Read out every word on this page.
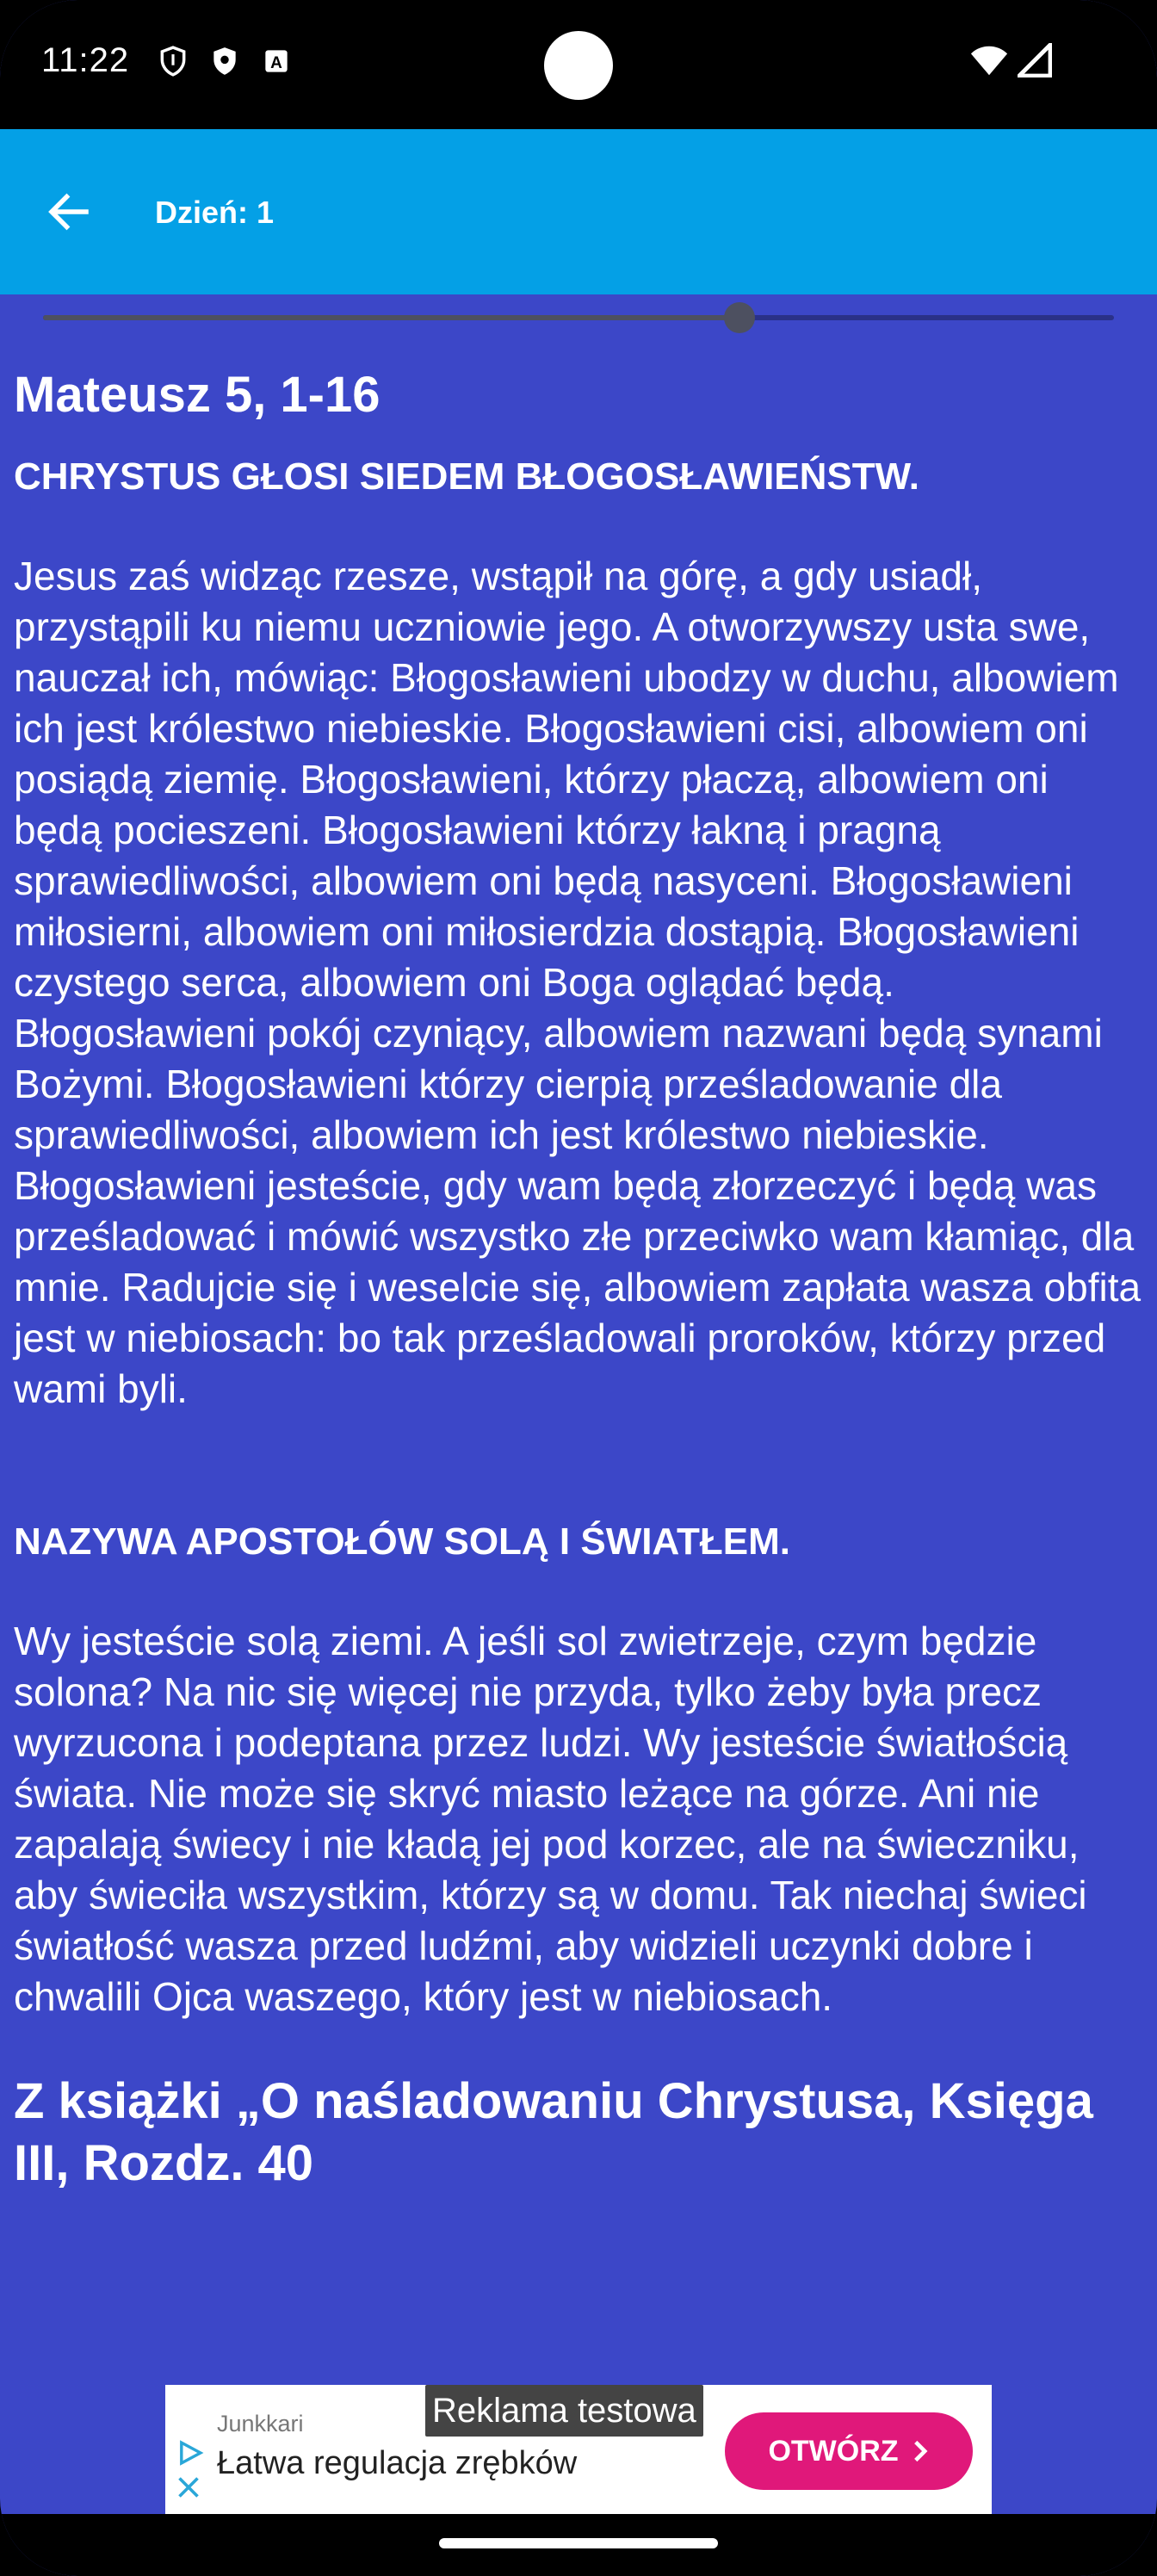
11:22	A
Dzień: 1

Mateusz 5, 1-16

CHRYSTUS GŁOSI SIEDEM BŁOGOSŁAWIEŃSTW.

Jesus zaś widząc rzesze, wstąpił na górę, a gdy usiadł, przystąpili ku niemu uczniowie jego. A otworzywszy usta swe, nauczał ich, mówiąc: Błogosławieni ubodzy w duchu, albowiem ich jest królestwo niebieskie. Błogosławieni cisi, albowiem oni posiądą ziemię. Błogosławieni, którzy płaczą, albowiem oni będą pocieszeni. Błogosławieni którzy łakną i pragną sprawiedliwości, albowiem oni będą nasyceni. Błogosławieni miłosierni, albowiem oni miłosierdzia dostąpią. Błogosławieni czystego serca, albowiem oni Boga oglądać będą. Błogosławieni pokój czyniący, albowiem nazwani będą synami Bożymi. Błogosławieni którzy cierpią prześladowanie dla sprawiedliwości, albowiem ich jest królestwo niebieskie. Błogosławieni jesteście, gdy wam będą złorzeczyć i będą was prześladować i mówić wszystko złe przeciwko wam kłamiąc, dla mnie. Radujcie się i weselcie się, albowiem zapłata wasza obfita jest w niebiosach: bo tak prześladowali proroków, którzy przed wami byli.

NAZYWA APOSTOŁÓW SOLĄ I ŚWIATŁEM.

Wy jesteście solą ziemi. A jeśli sol zwietrzeje, czym będzie solona? Na nic się więcej nie przyda, tylko żeby była precz wyrzucona i podeptana przez ludzi. Wy jesteście światłością świata. Nie może się skryć miasto leżące na górze. Ani nie zapalają świecy i nie kładą jej pod korzec, ale na świeczniku, aby świeciła wszystkim, którzy są w domu. Tak niechaj świeci światłość wasza przed ludźmi, aby widzieli uczynki dobre i chwalili Ojca waszego, który jest w niebiosach.

Z książki „O naśladowaniu Chrystusa, Księga III, Rozdz. 40

Junkkari
Łatwa regulacja zrębków	OTWÓRZ
Reklama testowa
